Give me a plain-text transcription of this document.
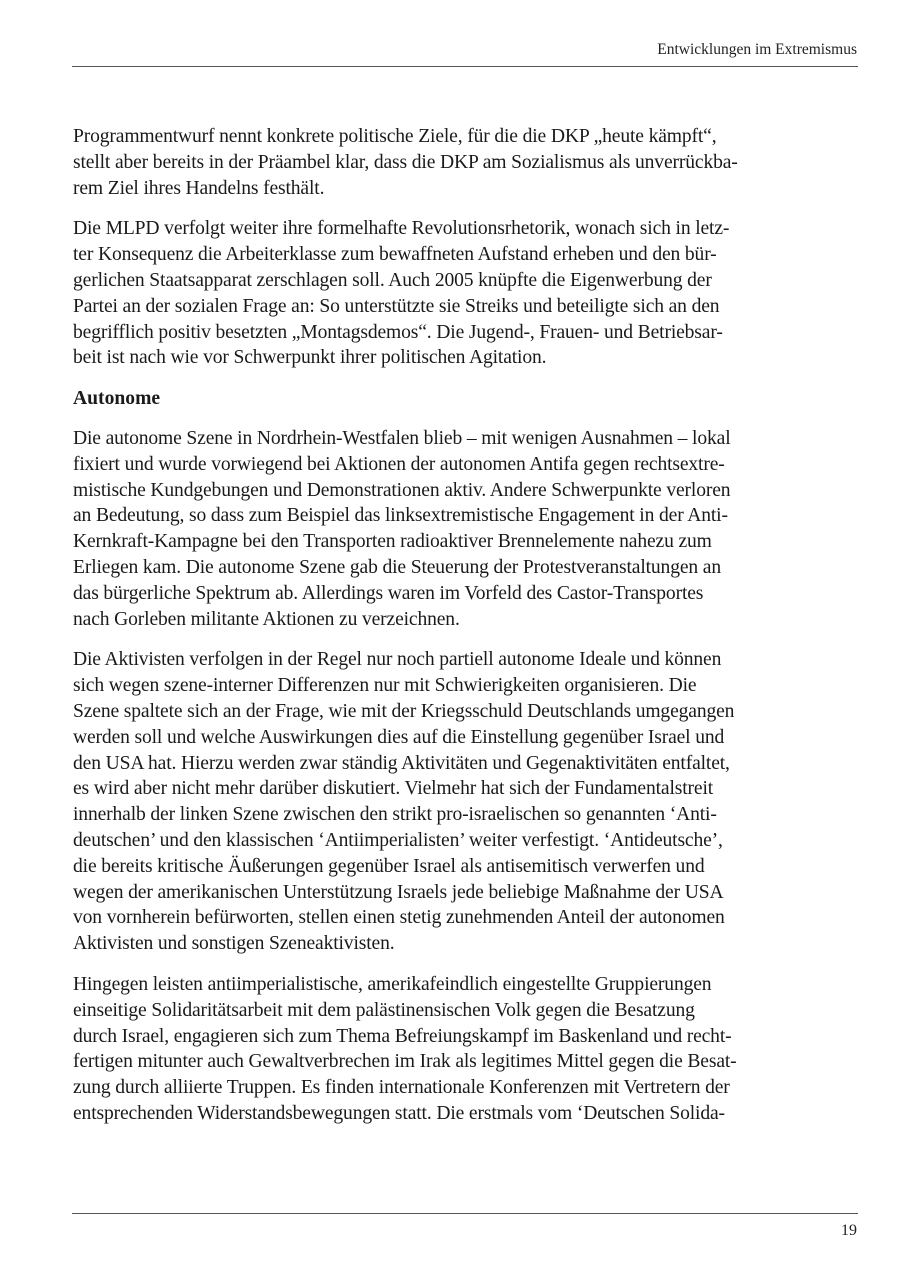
Entwicklungen im Extremismus

Programmentwurf nennt konkrete politische Ziele, für die die DKP „heute kämpft“,
stellt aber bereits in der Präambel klar, dass die DKP am Sozialismus als unverrückba-
rem Ziel ihres Handelns festhält.

Die MLPD verfolgt weiter ihre formelhafte Revolutionsrhetorik, wonach sich in letz-
ter Konsequenz die Arbeiterklasse zum bewaffneten Aufstand erheben und den bür-
gerlichen Staatsapparat zerschlagen soll. Auch 2005 knüpfte die Eigenwerbung der
Partei an der sozialen Frage an: So unterstützte sie Streiks und beteiligte sich an den
begrifflich positiv besetzten „Montagsdemos“. Die Jugend-, Frauen- und Betriebsar-
beit ist nach wie vor Schwerpunkt ihrer politischen Agitation.

Autonome

Die autonome Szene in Nordrhein-Westfalen blieb – mit wenigen Ausnahmen – lokal
fixiert und wurde vorwiegend bei Aktionen der autonomen Antifa gegen rechtsextre-
mistische Kundgebungen und Demonstrationen aktiv. Andere Schwerpunkte verloren
an Bedeutung, so dass zum Beispiel das linksextremistische Engagement in der Anti-
Kernkraft-Kampagne bei den Transporten radioaktiver Brennelemente nahezu zum
Erliegen kam. Die autonome Szene gab die Steuerung der Protestveranstaltungen an
das bürgerliche Spektrum ab. Allerdings waren im Vorfeld des Castor-Transportes
nach Gorleben militante Aktionen zu verzeichnen.

Die Aktivisten verfolgen in der Regel nur noch partiell autonome Ideale und können
sich wegen szene-interner Differenzen nur mit Schwierigkeiten organisieren. Die
Szene spaltete sich an der Frage, wie mit der Kriegsschuld Deutschlands umgegangen
werden soll und welche Auswirkungen dies auf die Einstellung gegenüber Israel und
den USA hat. Hierzu werden zwar ständig Aktivitäten und Gegenaktivitäten entfaltet,
es wird aber nicht mehr darüber diskutiert. Vielmehr hat sich der Fundamentalstreit
innerhalb der linken Szene zwischen den strikt pro-israelischen so genannten ‘Anti-
deutschen’ und den klassischen ‘Antiimperialisten’ weiter verfestigt. ‘Antideutsche’,
die bereits kritische Äußerungen gegenüber Israel als antisemitisch verwerfen und
wegen der amerikanischen Unterstützung Israels jede beliebige Maßnahme der USA
von vornherein befürworten, stellen einen stetig zunehmenden Anteil der autonomen
Aktivisten und sonstigen Szeneaktivisten.

Hingegen leisten antiimperialistische, amerikafeindlich eingestellte Gruppierungen
einseitige Solidaritätsarbeit mit dem palästinensischen Volk gegen die Besatzung
durch Israel, engagieren sich zum Thema Befreiungskampf im Baskenland und recht-
fertigen mitunter auch Gewaltverbrechen im Irak als legitimes Mittel gegen die Besat-
zung durch alliierte Truppen. Es finden internationale Konferenzen mit Vertretern der
entsprechenden Widerstandsbewegungen statt. Die erstmals vom ‘Deutschen Solida-

19
